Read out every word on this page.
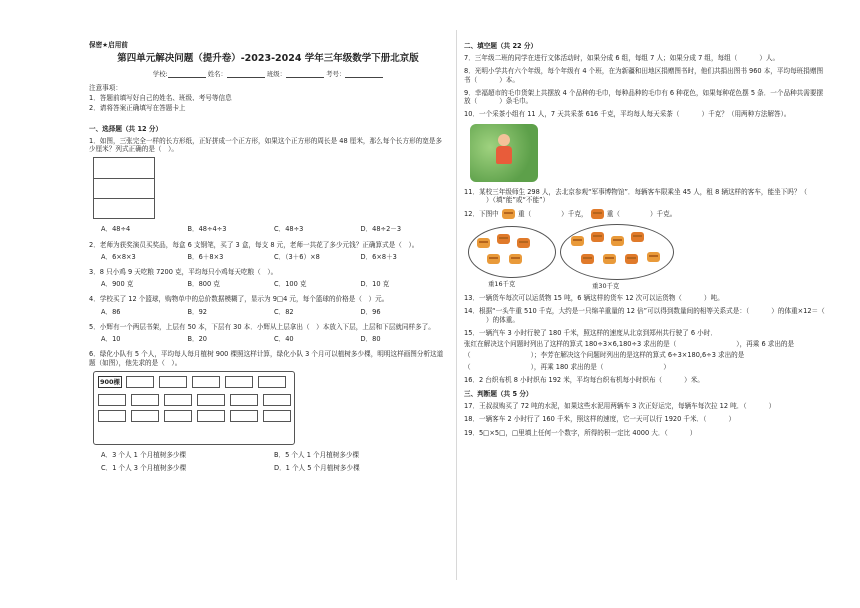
保密★启用前
第四单元解决问题（提升卷）-2023-2024 学年三年级数学下册北京版
学校:	姓名：	班级：	考号：
注意事项：
1．答题前填写好自己的姓名、班级、考号等信息
2．请将答案正确填写在答题卡上
一、选择题（共 12 分）
1．如图，三张完全一样的长方形纸，正好拼成一个正方形，如果这个正方形的周长是 48 厘米，那么每个长方形的宽是多少厘米？列式正确的是（　）。
A．48÷4	B．48÷4÷3	C．48÷3	D．48÷2－3
2．老师为获奖演员买奖品，每盒 6 支钢笔，买了 3 盒，每支 8 元，老师一共花了多少元钱？正确算式是（　）。
A．6×8×3	B．6＋8×3	C．（3＋6）×8	D．6×8＋3
3．8 只小鸡 9 天吃粮 7200 克，平均每只小鸡每天吃粮（　）。
A．900 克	B．800 克	C．100 克	D．10 克
4．学校买了 12 个篮球，购物单中的总价数据模糊了，显示为 9□4 元，每个篮球的价格是（　）元。
A．86	B．92	C．82	D．96
5．小辉有一个两层书架，上层有 50 本，下层有 30 本．小辉从上层拿出（　）本放入下层，上层和下层就同样多了。
A．10	B．20	C．40	D．80
6．绿化小队有 5 个人，平均每人每月植树 900 棵照这样计算，绿化小队 3 个月可以植树多少棵，明明这样画图分析这道题（如图），他先求的是（　）。
900棵
A．3 个人 1 个月植树多少棵	B．5 个人 1 个月植树多少棵
C．1 个人 3 个月植树多少棵	D．1 个人 5 个月植树多少棵
二、填空题（共 22 分）
7．三年级二班的同学在进行文体活动时，如果分成 6 组，每组 7 人；如果分成 7 组，每组（	）人。
8．光明小学共有六个年级，每个年级有 4 个班，在为新疆和田地区捐赠图书时，他们共捐出图书 960 本，平均每班捐赠图书（	）本。
9．幸福超市的毛巾货架上共摆放 4 个品种的毛巾，每种品种的毛巾有 6 种花色，如果每种花色摆 5 条．一个品种共需要摆放（	）条毛巾。
10．一个采茶小组有 11 人，7 天共采茶 616 千克，平均每人每天采茶（	）千克？（用两种方法解答）。
11．某校三年级师生 298 人，去北京参观“军事博物馆”．每辆客车限乘坐 45 人，租 8 辆这样的客车，能坐下吗？（）（填“能”或“不能”）
12．下图中	重（	）千克，	重（	）千克。
重16千克	重30千克
13．一辆货车每次可以运货物 15 吨，6 辆这样的货车 12 次可以运货物（	）吨。
14．根据“一头牛重 510 千克，大约是一只绵羊重量的 12 倍”可以得到数量间的相等关系式是：（	）的体重×12＝（）的体重。
15．一辆汽车 3 小时行驶了 180 千米，照这样的速度从北京到郑州共行驶了 6 小时．
张红在解决这个问题时列出了这样的算式 180÷3×6,180÷3 求出的是（	），再乘 6 求出的是
（	）；李芳在解决这个问题时列出的是这样的算式 6÷3×180,6÷3 求出的是
（	），再乘 180 求出的是（	）
16．2 台织布机 8 小时织布 192 米，平均每台织布机每小时织布（	）米。
三、判断题（共 5 分）
17．王叔叔购买了 72 吨的水泥，如果这些水泥用两辆车 3 次正好运完，每辆车每次拉 12 吨．（	）
18．一辆客车 2 小时行了 160 千米，照这样的速度，它一天可以行 1920 千米．（	）
19．5□×5□，□里填上任何一个数字，所得的积一定比 4000 大．（	）
